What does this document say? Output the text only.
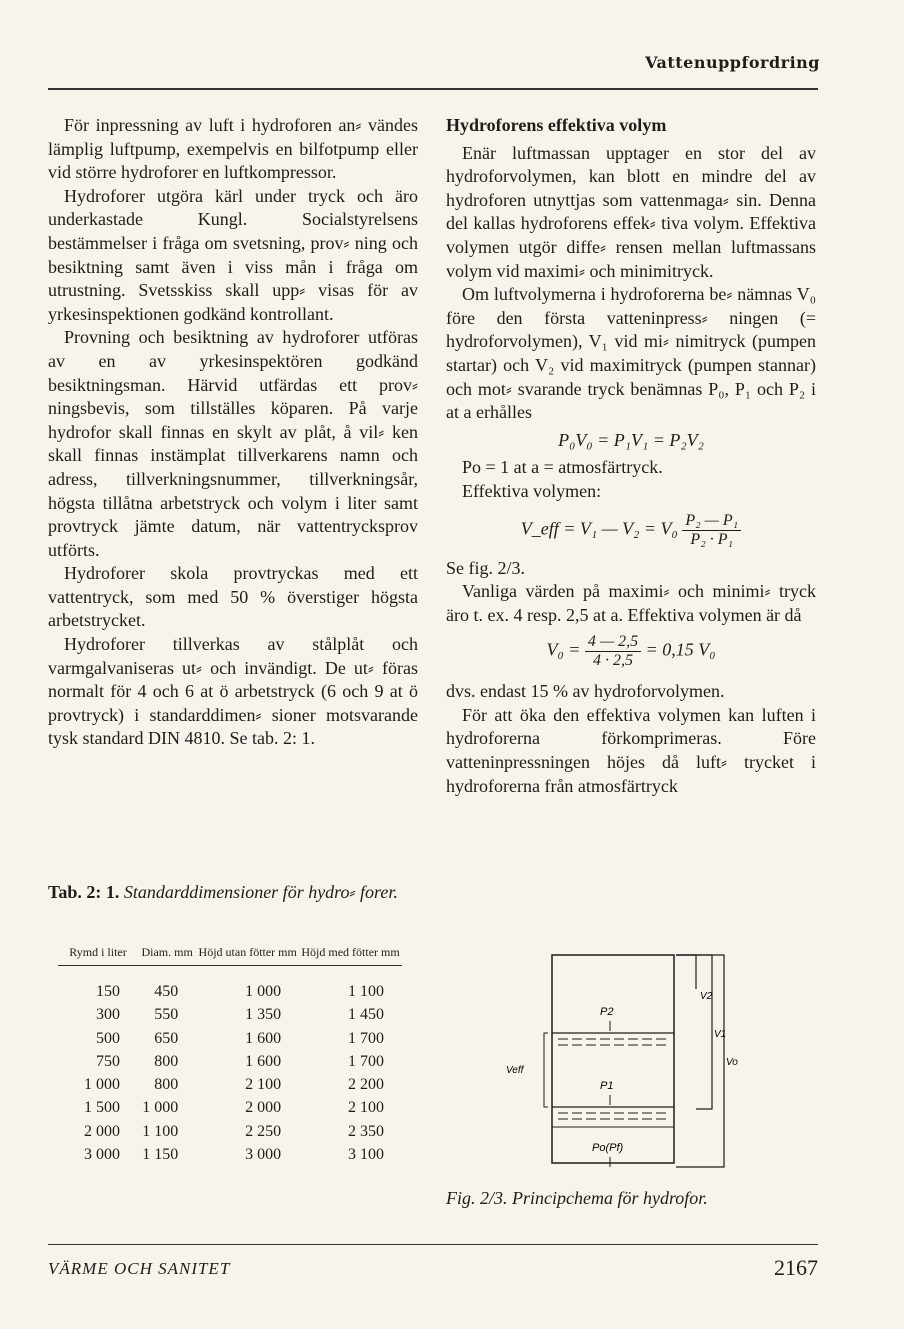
Vattenuppfordring

För inpressning av luft i hydroforen an⸗ vändes lämplig luftpump, exempelvis en bilfotpump eller vid större hydroforer en luftkompressor.

Hydroforer utgöra kärl under tryck och äro underkastade Kungl. Socialstyrelsens bestämmelser i fråga om svetsning, prov⸗ ning och besiktning samt även i viss mån i fråga om utrustning. Svetsskiss skall upp⸗ visas för av yrkesinspektionen godkänd kontrollant.

Provning och besiktning av hydroforer utföras av en av yrkesinspektören godkänd besiktningsman. Härvid utfärdas ett prov⸗ ningsbevis, som tillställes köparen. På varje hydrofor skall finnas en skylt av plåt, å vil⸗ ken skall finnas instämplat tillverkarens namn och adress, tillverkningsnummer, tillverkningsår, högsta tillåtna arbetstryck och volym i liter samt provtryck jämte datum, när vattentrycksprov utförts.

Hydroforer skola provtryckas med ett vattentryck, som med 50 % överstiger högsta arbetstrycket.

Hydroforer tillverkas av stålplåt och varmgalvaniseras ut⸗ och invändigt. De ut⸗ föras normalt för 4 och 6 at ö arbetstryck (6 och 9 at ö provtryck) i standarddimen⸗ sioner motsvarande tysk standard DIN 4810. Se tab. 2: 1.

Tab. 2: 1. Standarddimensioner för hydro⸗ forer.
Rymd i liter	Diam. mm	Höjd utan fötter mm	Höjd med fötter mm

150	450	1 000	1 100
300	550	1 350	1 450
500	650	1 600	1 700
750	800	1 600	1 700
1 000	800	2 100	2 200
1 500	1 000	2 000	2 100
2 000	1 100	2 250	2 350
3 000	1 150	3 000	3 100
Hydroforens effektiva volym

Enär luftmassan upptager en stor del av hydroforvolymen, kan blott en mindre del av hydroforen utnyttjas som vattenmaga⸗ sin. Denna del kallas hydroforens effek⸗ tiva volym. Effektiva volymen utgör diffe⸗ rensen mellan luftmassans volym vid maximi⸗ och minimitryck.

Om luftvolymerna i hydroforerna be⸗ nämnas V₀ före den första vatteninpress⸗ ningen (= hydroforvolymen), V₁ vid mi⸗ nimitryck (pumpen startar) och V₂ vid maximitryck (pumpen stannar) och mot⸗ svarande tryck benämnas P₀, P₁ och P₂ i at a erhålles

P₀V₀ = P₁V₁ = P₂V₂

Po = 1 at a = atmosfärtryck.

Effektiva volymen:

V_eff = V₁ — $V_2 = V_0 \frac{\text{P₂ — P₁}}{\text{P₂ · P₁}}$

Se fig. 2/3.

Vanliga värden på maximi⸗ och minimi⸗ tryck äro t. ex. 4 resp. 2,5 at a. Effektiva volymen är då

$V_0 = \frac{4 — 2,5}{4 \cdot 2,5} = 0,15$ V₀

dvs. endast 15 % av hydroforvolymen.

För att öka den effektiva volymen kan luften i hydroforerna förkomprimeras. Före vatteninpressningen höjes då luft⸗ trycket i hydroforerna från atmosfärtryck

P2
P1
Po(Pf)
Veff
V2
V1
Vo
Fig. 2/3. Principchema för hydrofor.
VÄRME OCH SANITET	2167
